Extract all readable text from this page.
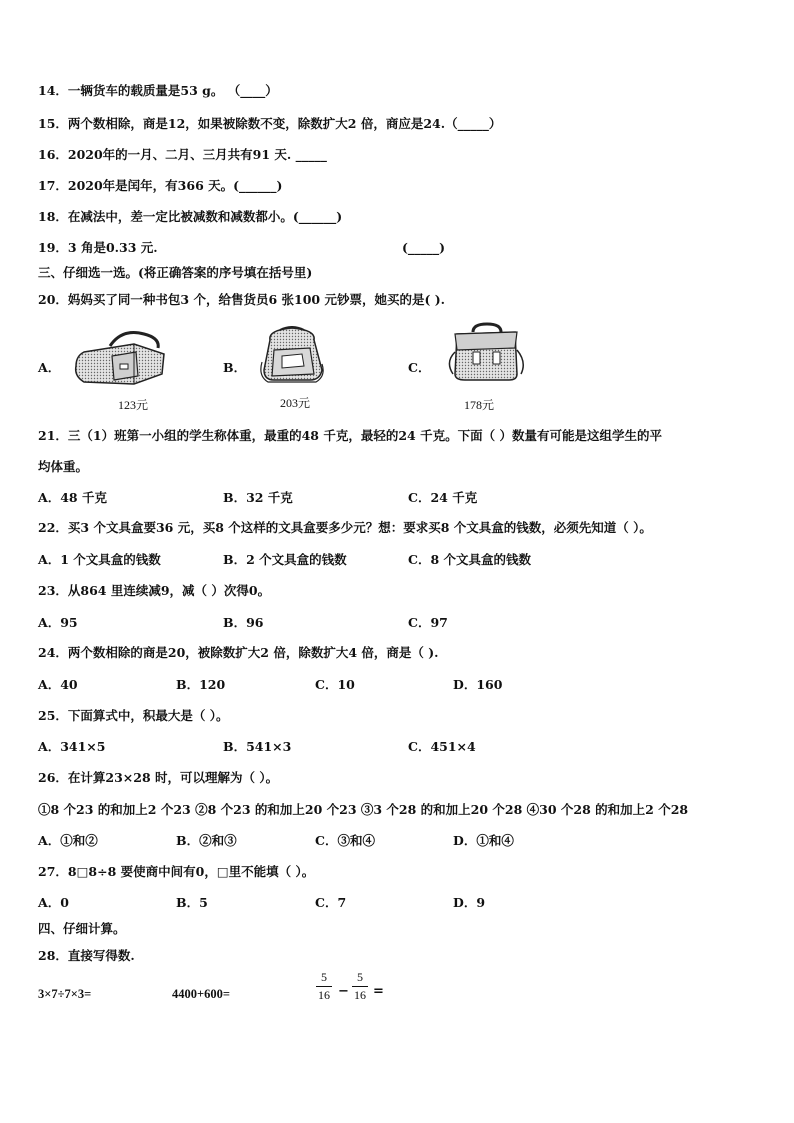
14．一辆货车的载质量是53 g。 （____）
15．两个数相除，商是12，如果被除数不变，除数扩大2 倍，商应是24.（_____）
16．2020年的一月、二月、三月共有91 天. _____
17．2020年是闰年，有366 天。(______)
18．在减法中，差一定比被减数和减数都小。(______)
19．3 角是0.33 元.
三、仔细选一选。(将正确答案的序号填在括号里)
20．妈妈买了同一种书包3 个，给售货员6 张100 元钞票，她买的是( ).
21．三（1）班第一小组的学生称体重，最重的48 千克，最轻的24 千克。下面（ ）数量有可能是这组学生的平
均体重。
22．买3 个文具盒要36 元，买8 个这样的文具盒要多少元？想：要求买8 个文具盒的钱数，必须先知道（ ）。
23．从864 里连续减9，减（ ）次得0。
24．两个数相除的商是20，被除数扩大2 倍，除数扩大4 倍，商是（ ).
25．下面算式中，积最大是（ ）。
26．在计算23×28 时，可以理解为（ ）。
①8 个23 的和加上2 个23 ②8 个23 的和加上20 个23 ③3 个28 的和加上20 个28 ④30 个28 的和加上2 个28
27．8□8÷8 要使商中间有0，□里不能填（ ）。
四、仔细计算。
28．直接写得数.
A．48 千克	B．32 千克	C．24 千克
A．1 个文具盒的钱数	B．2 个文具盒的钱数	C．8 个文具盒的钱数
A．95	B．96	C．97
A．40	B．120	C．10	D．160
A．341×5	B．541×3	C．451×4
A．①和②	B．②和③	C．③和④	D．①和④
A．0	B．5	C．7	D．9
(_____)
A．
123元
B．
203元
C．
178元
3×7÷7×3=	4400+600=
5
16 −
5
16 =
